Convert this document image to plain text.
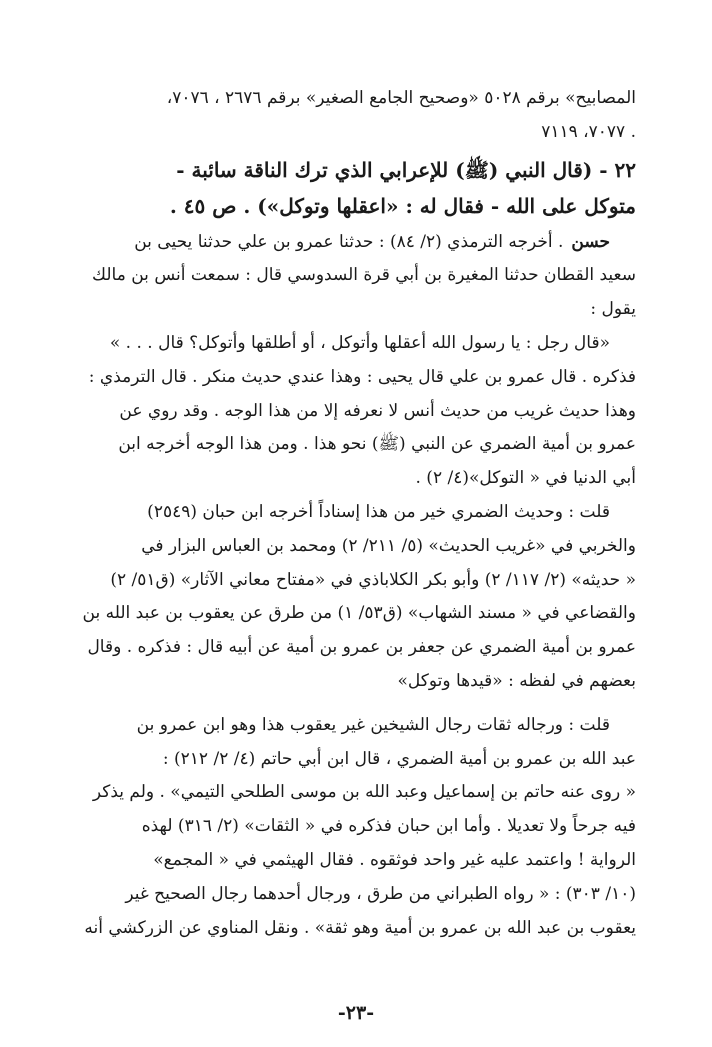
المصابيح» برقم ٥٠٢٨ «وصحيح الجامع الصغير» برقم ٢٦٧٦ ، ٧٠٧٦،
٧٠٧٧، ٧١١٩ .
٢٢ - (قال النبي (ﷺ) للإعرابي الذي ترك الناقة سائبة -
متوكل على الله - فقال له : «اعقلها وتوكل») . ص ٤٥ .
حسن. أخرجه الترمذي (٢/ ٨٤) : حدثنا عمرو بن علي حدثنا يحيى بن
سعيد القطان حدثنا المغيرة بن أبي قرة السدوسي قال : سمعت أنس بن مالك
يقول :
«قال رجل : يا رسول الله أعقلها وأتوكل ، أو أطلقها وأتوكل؟ قال . . . »
فذكره . قال عمرو بن علي قال يحيى : وهذا عندي حديث منكر . قال الترمذي :
وهذا حديث غريب من حديث أنس لا نعرفه إلا من هذا الوجه . وقد روي عن
عمرو بن أمية الضمري عن النبي (ﷺ) نحو هذا . ومن هذا الوجه أخرجه ابن
أبي الدنيا في « التوكل»(٤/ ٢) .
قلت : وحديث الضمري خير من هذا إسناداً أخرجه ابن حبان (٢٥٤٩)
والخربي في «غريب الحديث» (٥/ ٢١١/ ٢) ومحمد بن العباس البزار في
« حديثه» (٢/ ١١٧/ ٢) وأبو بكر الكلاباذي في «مفتاح معاني الآثار» (ق٥١/ ٢)
والقضاعي في « مسند الشهاب» (ق٥٣/ ١) من طرق عن يعقوب بن عبد الله بن
عمرو بن أمية الضمري عن جعفر بن عمرو بن أمية عن أبيه قال : فذكره . وقال
بعضهم في لفظه : «قيدها وتوكل»
قلت : ورجاله ثقات رجال الشيخين غير يعقوب هذا وهو ابن عمرو بن
عبد الله بن عمرو بن أمية الضمري ، قال ابن أبي حاتم (٤/ ٢/ ٢١٢) :
« روى عنه حاتم بن إسماعيل وعبد الله بن موسى الطلحي التيمي» . ولم يذكر
فيه جرحاً ولا تعديلا . وأما ابن حبان فذكره في « الثقات» (٢/ ٣١٦) لهذه
الرواية ! واعتمد عليه غير واحد فوثقوه . فقال الهيثمي في « المجمع»
(١٠/ ٣٠٣) : « رواه الطبراني من طرق ، ورجال أحدهما رجال الصحيح غير
يعقوب بن عبد الله بن عمرو بن أمية وهو ثقة» . ونقل المناوي عن الزركشي أنه
-٢٣-
